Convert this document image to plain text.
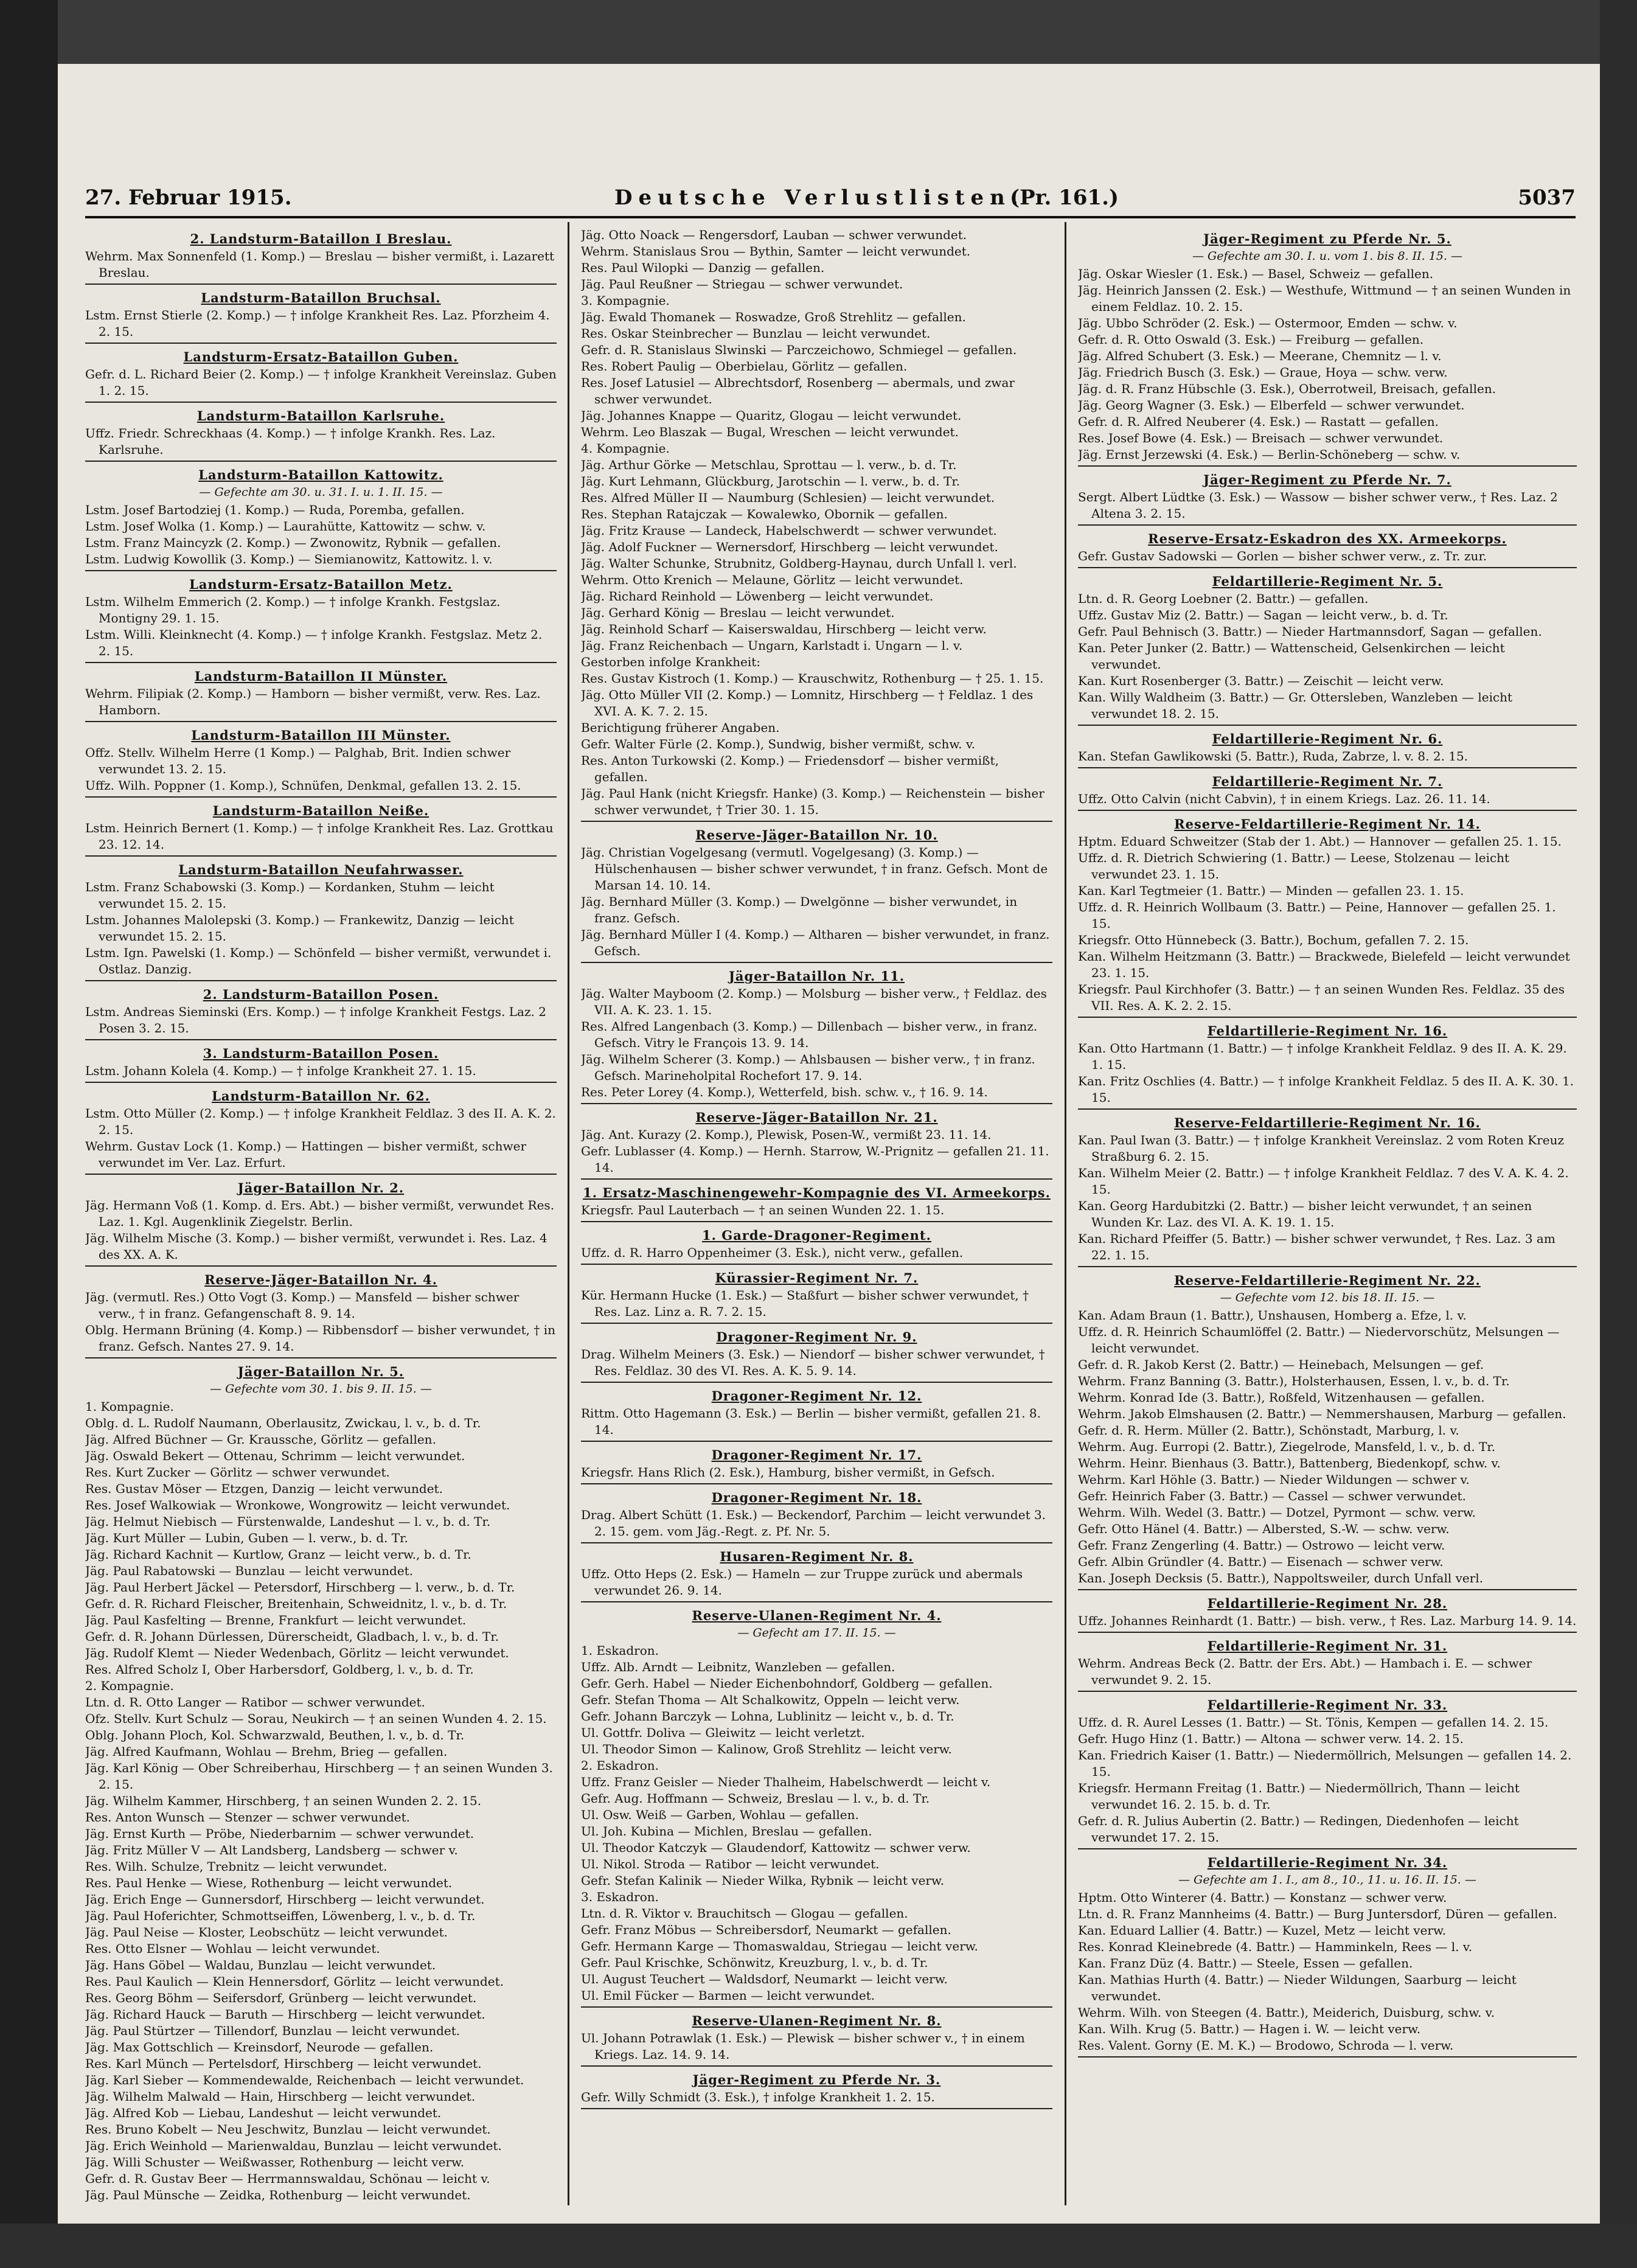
27. Februar 1915.	Deutsche Verlustlisten.
(Pr. 161.)	5037
2. Landsturm-Bataillon I Breslau.

Wehrm. Max Sonnenfeld (1. Komp.) — Breslau — bisher vermißt, i. Lazarett Breslau.

Landsturm-Bataillon Bruchsal.

Lstm. Ernst Stierle (2. Komp.) — † infolge Krankheit Res. Laz. Pforzheim 4. 2. 15.

Landsturm-Ersatz-Bataillon Guben.

Gefr. d. L. Richard Beier (2. Komp.) — † infolge Krankheit Vereinslaz. Guben 1. 2. 15.

Landsturm-Bataillon Karlsruhe.

Uffz. Friedr. Schreckhaas (4. Komp.) — † infolge Krankh. Res. Laz. Karlsruhe.

Landsturm-Bataillon Kattowitz.
— Gefechte am 30. u. 31. I. u. 1. II. 15. —

Lstm. Josef Bartodziej (1. Komp.) — Ruda, Poremba, gefallen.

Lstm. Josef Wolka (1. Komp.) — Laurahütte, Kattowitz — schw. v.

Lstm. Franz Maincyzk (2. Komp.) — Zwonowitz, Rybnik — gefallen.

Lstm. Ludwig Kowollik (3. Komp.) — Siemianowitz, Kattowitz. l. v.

Landsturm-Ersatz-Bataillon Metz.

Lstm. Wilhelm Emmerich (2. Komp.) — † infolge Krankh. Festgslaz. Montigny 29. 1. 15.

Lstm. Willi. Kleinknecht (4. Komp.) — † infolge Krankh. Festgslaz. Metz 2. 2. 15.

Landsturm-Bataillon II Münster.

Wehrm. Filipiak (2. Komp.) — Hamborn — bisher vermißt, verw. Res. Laz. Hamborn.

Landsturm-Bataillon III Münster.

Offz. Stellv. Wilhelm Herre (1 Komp.) — Palghab, Brit. Indien schwer verwundet 13. 2. 15.

Uffz. Wilh. Poppner (1. Komp.), Schnüfen, Denkmal, gefallen 13. 2. 15.

Landsturm-Bataillon Neiße.

Lstm. Heinrich Bernert (1. Komp.) — † infolge Krankheit Res. Laz. Grottkau 23. 12. 14.

Landsturm-Bataillon Neufahrwasser.

Lstm. Franz Schabowski (3. Komp.) — Kordanken, Stuhm — leicht verwundet 15. 2. 15.

Lstm. Johannes Malolepski (3. Komp.) — Frankewitz, Danzig — leicht verwundet 15. 2. 15.

Lstm. Ign. Pawelski (1. Komp.) — Schönfeld — bisher vermißt, verwundet i. Ostlaz. Danzig.

2. Landsturm-Bataillon Posen.

Lstm. Andreas Sieminski (Ers. Komp.) — † infolge Krankheit Festgs. Laz. 2 Posen 3. 2. 15.

3. Landsturm-Bataillon Posen.

Lstm. Johann Kolela (4. Komp.) — † infolge Krankheit 27. 1. 15.

Landsturm-Bataillon Nr. 62.

Lstm. Otto Müller (2. Komp.) — † infolge Krankheit Feldlaz. 3 des II. A. K. 2. 2. 15.

Wehrm. Gustav Lock (1. Komp.) — Hattingen — bisher vermißt, schwer verwundet im Ver. Laz. Erfurt.

Jäger-Bataillon Nr. 2.

Jäg. Hermann Voß (1. Komp. d. Ers. Abt.) — bisher vermißt, verwundet Res. Laz. 1. Kgl. Augenklinik Ziegelstr. Berlin.

Jäg. Wilhelm Mische (3. Komp.) — bisher vermißt, verwundet i. Res. Laz. 4 des XX. A. K.

Reserve-Jäger-Bataillon Nr. 4.

Jäg. (vermutl. Res.) Otto Vogt (3. Komp.) — Mansfeld — bisher schwer verw., † in franz. Gefangenschaft 8. 9. 14.

Oblg. Hermann Brüning (4. Komp.) — Ribbensdorf — bisher verwundet, † in franz. Gefsch. Nantes 27. 9. 14.

Jäger-Bataillon Nr. 5.
— Gefechte vom 30. 1. bis 9. II. 15. —

1. Kompagnie.

Oblg. d. L. Rudolf Naumann, Oberlausitz, Zwickau, l. v., b. d. Tr.

Jäg. Alfred Büchner — Gr. Kraussche, Görlitz — gefallen.

Jäg. Oswald Bekert — Ottenau, Schrimm — leicht verwundet.

Res. Kurt Zucker — Görlitz — schwer verwundet.

Res. Gustav Möser — Etzgen, Danzig — leicht verwundet.

Res. Josef Walkowiak — Wronkowe, Wongrowitz — leicht verwundet.

Jäg. Helmut Niebisch — Fürstenwalde, Landeshut — l. v., b. d. Tr.

Jäg. Kurt Müller — Lubin, Guben — l. verw., b. d. Tr.

Jäg. Richard Kachnit — Kurtlow, Granz — leicht verw., b. d. Tr.

Jäg. Paul Rabatowski — Bunzlau — leicht verwundet.

Jäg. Paul Herbert Jäckel — Petersdorf, Hirschberg — l. verw., b. d. Tr.

Gefr. d. R. Richard Fleischer, Breitenhain, Schweidnitz, l. v., b. d. Tr.

Jäg. Paul Kasfelting — Brenne, Frankfurt — leicht verwundet.

Gefr. d. R. Johann Dürlessen, Dürerscheidt, Gladbach, l. v., b. d. Tr.

Jäg. Rudolf Klemt — Nieder Wedenbach, Görlitz — leicht verwundet.

Res. Alfred Scholz I, Ober Harbersdorf, Goldberg, l. v., b. d. Tr.

2. Kompagnie.

Ltn. d. R. Otto Langer — Ratibor — schwer verwundet.

Ofz. Stellv. Kurt Schulz — Sorau, Neukirch — † an seinen Wunden 4. 2. 15.

Oblg. Johann Ploch, Kol. Schwarzwald, Beuthen, l. v., b. d. Tr.

Jäg. Alfred Kaufmann, Wohlau — Brehm, Brieg — gefallen.

Jäg. Karl König — Ober Schreiberhau, Hirschberg — † an seinen Wunden 3. 2. 15.

Jäg. Wilhelm Kammer, Hirschberg, † an seinen Wunden 2. 2. 15.

Res. Anton Wunsch — Stenzer — schwer verwundet.

Jäg. Ernst Kurth — Pröbe, Niederbarnim — schwer verwundet.

Jäg. Fritz Müller V — Alt Landsberg, Landsberg — schwer v.

Res. Wilh. Schulze, Trebnitz — leicht verwundet.

Res. Paul Henke — Wiese, Rothenburg — leicht verwundet.

Jäg. Erich Enge — Gunnersdorf, Hirschberg — leicht verwundet.

Jäg. Paul Hoferichter, Schmottseiffen, Löwenberg, l. v., b. d. Tr.

Jäg. Paul Neise — Kloster, Leobschütz — leicht verwundet.

Res. Otto Elsner — Wohlau — leicht verwundet.

Jäg. Hans Göbel — Waldau, Bunzlau — leicht verwundet.

Res. Paul Kaulich — Klein Hennersdorf, Görlitz — leicht verwundet.

Res. Georg Böhm — Seifersdorf, Grünberg — leicht verwundet.

Jäg. Richard Hauck — Baruth — Hirschberg — leicht verwundet.

Jäg. Paul Stürtzer — Tillendorf, Bunzlau — leicht verwundet.

Jäg. Max Gottschlich — Kreinsdorf, Neurode — gefallen.

Res. Karl Münch — Pertelsdorf, Hirschberg — leicht verwundet.

Jäg. Karl Sieber — Kommendewalde, Reichenbach — leicht verwundet.

Jäg. Wilhelm Malwald — Hain, Hirschberg — leicht verwundet.

Jäg. Alfred Kob — Liebau, Landeshut — leicht verwundet.

Res. Bruno Kobelt — Neu Jeschwitz, Bunzlau — leicht verwundet.

Jäg. Erich Weinhold — Marienwaldau, Bunzlau — leicht verwundet.

Jäg. Willi Schuster — Weißwasser, Rothenburg — leicht verw.

Gefr. d. R. Gustav Beer — Herrmannswaldau, Schönau — leicht v.

Jäg. Paul Münsche — Zeidka, Rothenburg — leicht verwundet.

Jäg. Otto Noack — Rengersdorf, Lauban — schwer verwundet.

Wehrm. Stanislaus Srou — Bythin, Samter — leicht verwundet.

Res. Paul Wilopki — Danzig — gefallen.

Jäg. Paul Reußner — Striegau — schwer verwundet.

3. Kompagnie.

Jäg. Ewald Thomanek — Roswadze, Groß Strehlitz — gefallen.

Res. Oskar Steinbrecher — Bunzlau — leicht verwundet.

Gefr. d. R. Stanislaus Slwinski — Parczeichowo, Schmiegel — gefallen.

Res. Robert Paulig — Oberbielau, Görlitz — gefallen.

Res. Josef Latusiel — Albrechtsdorf, Rosenberg — abermals, und zwar schwer verwundet.

Jäg. Johannes Knappe — Quaritz, Glogau — leicht verwundet.

Wehrm. Leo Blaszak — Bugal, Wreschen — leicht verwundet.

4. Kompagnie.

Jäg. Arthur Görke — Metschlau, Sprottau — l. verw., b. d. Tr.

Jäg. Kurt Lehmann, Glückburg, Jarotschin — l. verw., b. d. Tr.

Res. Alfred Müller II — Naumburg (Schlesien) — leicht verwundet.

Res. Stephan Ratajczak — Kowalewko, Obornik — gefallen.

Jäg. Fritz Krause — Landeck, Habelschwerdt — schwer verwundet.

Jäg. Adolf Fuckner — Wernersdorf, Hirschberg — leicht verwundet.

Jäg. Walter Schunke, Strubnitz, Goldberg-Haynau, durch Unfall l. verl.

Wehrm. Otto Krenich — Melaune, Görlitz — leicht verwundet.

Jäg. Richard Reinhold — Löwenberg — leicht verwundet.

Jäg. Gerhard König — Breslau — leicht verwundet.

Jäg. Reinhold Scharf — Kaiserswaldau, Hirschberg — leicht verw.

Jäg. Franz Reichenbach — Ungarn, Karlstadt i. Ungarn — l. v.

Gestorben infolge Krankheit:

Res. Gustav Kistroch (1. Komp.) — Krauschwitz, Rothenburg — † 25. 1. 15.

Jäg. Otto Müller VII (2. Komp.) — Lomnitz, Hirschberg — † Feldlaz. 1 des XVI. A. K. 7. 2. 15.

Berichtigung früherer Angaben.

Gefr. Walter Fürle (2. Komp.), Sundwig, bisher vermißt, schw. v.

Res. Anton Turkowski (2. Komp.) — Friedensdorf — bisher vermißt, gefallen.

Jäg. Paul Hank (nicht Kriegsfr. Hanke) (3. Komp.) — Reichenstein — bisher schwer verwundet, † Trier 30. 1. 15.

Reserve-Jäger-Bataillon Nr. 10.

Jäg. Christian Vogelgesang (vermutl. Vogelgesang) (3. Komp.) — Hülschenhausen — bisher schwer verwundet, † in franz. Gefsch. Mont de Marsan 14. 10. 14.

Jäg. Bernhard Müller (3. Komp.) — Dwelgönne — bisher verwundet, in franz. Gefsch.

Jäg. Bernhard Müller I (4. Komp.) — Altharen — bisher verwundet, in franz. Gefsch.

Jäger-Bataillon Nr. 11.

Jäg. Walter Mayboom (2. Komp.) — Molsburg — bisher verw., † Feldlaz. des VII. A. K. 23. 1. 15.

Res. Alfred Langenbach (3. Komp.) — Dillenbach — bisher verw., in franz. Gefsch. Vitry le François 13. 9. 14.

Jäg. Wilhelm Scherer (3. Komp.) — Ahlsbausen — bisher verw., † in franz. Gefsch. Marineholpital Rochefort 17. 9. 14.

Res. Peter Lorey (4. Komp.), Wetterfeld, bish. schw. v., † 16. 9. 14.

Reserve-Jäger-Bataillon Nr. 21.

Jäg. Ant. Kurazy (2. Komp.), Plewisk, Posen-W., vermißt 23. 11. 14.

Gefr. Lublasser (4. Komp.) — Hernh. Starrow, W.-Prignitz — gefallen 21. 11. 14.

1. Ersatz-Maschinengewehr-Kompagnie des VI. Armeekorps.

Kriegsfr. Paul Lauterbach — † an seinen Wunden 22. 1. 15.

1. Garde-Dragoner-Regiment.

Uffz. d. R. Harro Oppenheimer (3. Esk.), nicht verw., gefallen.

Kürassier-Regiment Nr. 7.

Kür. Hermann Hucke (1. Esk.) — Staßfurt — bisher schwer verwundet, † Res. Laz. Linz a. R. 7. 2. 15.

Dragoner-Regiment Nr. 9.

Drag. Wilhelm Meiners (3. Esk.) — Niendorf — bisher schwer verwundet, † Res. Feldlaz. 30 des VI. Res. A. K. 5. 9. 14.

Dragoner-Regiment Nr. 12.

Rittm. Otto Hagemann (3. Esk.) — Berlin — bisher vermißt, gefallen 21. 8. 14.

Dragoner-Regiment Nr. 17.

Kriegsfr. Hans Rlich (2. Esk.), Hamburg, bisher vermißt, in Gefsch.

Dragoner-Regiment Nr. 18.

Drag. Albert Schütt (1. Esk.) — Beckendorf, Parchim — leicht verwundet 3. 2. 15. gem. vom Jäg.-Regt. z. Pf. Nr. 5.

Husaren-Regiment Nr. 8.

Uffz. Otto Heps (2. Esk.) — Hameln — zur Truppe zurück und abermals verwundet 26. 9. 14.

Reserve-Ulanen-Regiment Nr. 4.
— Gefecht am 17. II. 15. —

1. Eskadron.

Uffz. Alb. Arndt — Leibnitz, Wanzleben — gefallen.

Gefr. Gerh. Habel — Nieder Eichenbohndorf, Goldberg — gefallen.

Gefr. Stefan Thoma — Alt Schalkowitz, Oppeln — leicht verw.

Gefr. Johann Barczyk — Lohna, Lublinitz — leicht v., b. d. Tr.

Ul. Gottfr. Doliva — Gleiwitz — leicht verletzt.

Ul. Theodor Simon — Kalinow, Groß Strehlitz — leicht verw.

2. Eskadron.

Uffz. Franz Geisler — Nieder Thalheim, Habelschwerdt — leicht v.

Gefr. Aug. Hoffmann — Schweiz, Breslau — l. v., b. d. Tr.

Ul. Osw. Weiß — Garben, Wohlau — gefallen.

Ul. Joh. Kubina — Michlen, Breslau — gefallen.

Ul. Theodor Katczyk — Glaudendorf, Kattowitz — schwer verw.

Ul. Nikol. Stroda — Ratibor — leicht verwundet.

Gefr. Stefan Kalinik — Nieder Wilka, Rybnik — leicht verw.

3. Eskadron.

Ltn. d. R. Viktor v. Brauchitsch — Glogau — gefallen.

Gefr. Franz Möbus — Schreibersdorf, Neumarkt — gefallen.

Gefr. Hermann Karge — Thomaswaldau, Striegau — leicht verw.

Gefr. Paul Krischke, Schönwitz, Kreuzburg, l. v., b. d. Tr.

Ul. August Teuchert — Waldsdorf, Neumarkt — leicht verw.

Ul. Emil Fücker — Barmen — leicht verwundet.

Reserve-Ulanen-Regiment Nr. 8.

Ul. Johann Potrawlak (1. Esk.) — Plewisk — bisher schwer v., † in einem Kriegs. Laz. 14. 9. 14.

Jäger-Regiment zu Pferde Nr. 3.

Gefr. Willy Schmidt (3. Esk.), † infolge Krankheit 1. 2. 15.

Jäger-Regiment zu Pferde Nr. 5.
— Gefechte am 30. I. u. vom 1. bis 8. II. 15. —

Jäg. Oskar Wiesler (1. Esk.) — Basel, Schweiz — gefallen.

Jäg. Heinrich Janssen (2. Esk.) — Westhufe, Wittmund — † an seinen Wunden in einem Feldlaz. 10. 2. 15.

Jäg. Ubbo Schröder (2. Esk.) — Ostermoor, Emden — schw. v.

Gefr. d. R. Otto Oswald (3. Esk.) — Freiburg — gefallen.

Jäg. Alfred Schubert (3. Esk.) — Meerane, Chemnitz — l. v.

Jäg. Friedrich Busch (3. Esk.) — Graue, Hoya — schw. verw.

Jäg. d. R. Franz Hübschle (3. Esk.), Oberrotweil, Breisach, gefallen.

Jäg. Georg Wagner (3. Esk.) — Elberfeld — schwer verwundet.

Gefr. d. R. Alfred Neuberer (4. Esk.) — Rastatt — gefallen.

Res. Josef Bowe (4. Esk.) — Breisach — schwer verwundet.

Jäg. Ernst Jerzewski (4. Esk.) — Berlin-Schöneberg — schw. v.

Jäger-Regiment zu Pferde Nr. 7.

Sergt. Albert Lüdtke (3. Esk.) — Wassow — bisher schwer verw., † Res. Laz. 2 Altena 3. 2. 15.

Reserve-Ersatz-Eskadron des XX. Armeekorps.

Gefr. Gustav Sadowski — Gorlen — bisher schwer verw., z. Tr. zur.

Feldartillerie-Regiment Nr. 5.

Ltn. d. R. Georg Loebner (2. Battr.) — gefallen.

Uffz. Gustav Miz (2. Battr.) — Sagan — leicht verw., b. d. Tr.

Gefr. Paul Behnisch (3. Battr.) — Nieder Hartmannsdorf, Sagan — gefallen.

Kan. Peter Junker (2. Battr.) — Wattenscheid, Gelsenkirchen — leicht verwundet.

Kan. Kurt Rosenberger (3. Battr.) — Zeischit — leicht verw.

Kan. Willy Waldheim (3. Battr.) — Gr. Ottersleben, Wanzleben — leicht verwundet 18. 2. 15.

Feldartillerie-Regiment Nr. 6.

Kan. Stefan Gawlikowski (5. Battr.), Ruda, Zabrze, l. v. 8. 2. 15.

Feldartillerie-Regiment Nr. 7.

Uffz. Otto Calvin (nicht Cabvin), † in einem Kriegs. Laz. 26. 11. 14.

Reserve-Feldartillerie-Regiment Nr. 14.

Hptm. Eduard Schweitzer (Stab der 1. Abt.) — Hannover — gefallen 25. 1. 15.

Uffz. d. R. Dietrich Schwiering (1. Battr.) — Leese, Stolzenau — leicht verwundet 23. 1. 15.

Kan. Karl Tegtmeier (1. Battr.) — Minden — gefallen 23. 1. 15.

Uffz. d. R. Heinrich Wollbaum (3. Battr.) — Peine, Hannover — gefallen 25. 1. 15.

Kriegsfr. Otto Hünnebeck (3. Battr.), Bochum, gefallen 7. 2. 15.

Kan. Wilhelm Heitzmann (3. Battr.) — Brackwede, Bielefeld — leicht verwundet 23. 1. 15.

Kriegsfr. Paul Kirchhofer (3. Battr.) — † an seinen Wunden Res. Feldlaz. 35 des VII. Res. A. K. 2. 2. 15.

Feldartillerie-Regiment Nr. 16.

Kan. Otto Hartmann (1. Battr.) — † infolge Krankheit Feldlaz. 9 des II. A. K. 29. 1. 15.

Kan. Fritz Oschlies (4. Battr.) — † infolge Krankheit Feldlaz. 5 des II. A. K. 30. 1. 15.

Reserve-Feldartillerie-Regiment Nr. 16.

Kan. Paul Iwan (3. Battr.) — † infolge Krankheit Vereinslaz. 2 vom Roten Kreuz Straßburg 6. 2. 15.

Kan. Wilhelm Meier (2. Battr.) — † infolge Krankheit Feldlaz. 7 des V. A. K. 4. 2. 15.

Kan. Georg Hardubitzki (2. Battr.) — bisher leicht verwundet, † an seinen Wunden Kr. Laz. des VI. A. K. 19. 1. 15.

Kan. Richard Pfeiffer (5. Battr.) — bisher schwer verwundet, † Res. Laz. 3 am 22. 1. 15.

Reserve-Feldartillerie-Regiment Nr. 22.
— Gefechte vom 12. bis 18. II. 15. —

Kan. Adam Braun (1. Battr.), Unshausen, Homberg a. Efze, l. v.

Uffz. d. R. Heinrich Schaumlöffel (2. Battr.) — Niedervorschütz, Melsungen — leicht verwundet.

Gefr. d. R. Jakob Kerst (2. Battr.) — Heinebach, Melsungen — gef.

Wehrm. Franz Banning (3. Battr.), Holsterhausen, Essen, l. v., b. d. Tr.

Wehrm. Konrad Ide (3. Battr.), Roßfeld, Witzenhausen — gefallen.

Wehrm. Jakob Elmshausen (2. Battr.) — Nemmershausen, Marburg — gefallen.

Gefr. d. R. Herm. Müller (2. Battr.), Schönstadt, Marburg, l. v.

Wehrm. Aug. Eurropi (2. Battr.), Ziegelrode, Mansfeld, l. v., b. d. Tr.

Wehrm. Heinr. Bienhaus (3. Battr.), Battenberg, Biedenkopf, schw. v.

Wehrm. Karl Höhle (3. Battr.) — Nieder Wildungen — schwer v.

Gefr. Heinrich Faber (3. Battr.) — Cassel — schwer verwundet.

Wehrm. Wilh. Wedel (3. Battr.) — Dotzel, Pyrmont — schw. verw.

Gefr. Otto Hänel (4. Battr.) — Albersted, S.-W. — schw. verw.

Gefr. Franz Zengerling (4. Battr.) — Ostrowo — leicht verw.

Gefr. Albin Gründler (4. Battr.) — Eisenach — schwer verw.

Kan. Joseph Decksis (5. Battr.), Nappoltsweiler, durch Unfall verl.

Feldartillerie-Regiment Nr. 28.

Uffz. Johannes Reinhardt (1. Battr.) — bish. verw., † Res. Laz. Marburg 14. 9. 14.

Feldartillerie-Regiment Nr. 31.

Wehrm. Andreas Beck (2. Battr. der Ers. Abt.) — Hambach i. E. — schwer verwundet 9. 2. 15.

Feldartillerie-Regiment Nr. 33.

Uffz. d. R. Aurel Lesses (1. Battr.) — St. Tönis, Kempen — gefallen 14. 2. 15.

Gefr. Hugo Hinz (1. Battr.) — Altona — schwer verw. 14. 2. 15.

Kan. Friedrich Kaiser (1. Battr.) — Niedermöllrich, Melsungen — gefallen 14. 2. 15.

Kriegsfr. Hermann Freitag (1. Battr.) — Niedermöllrich, Thann — leicht verwundet 16. 2. 15. b. d. Tr.

Gefr. d. R. Julius Aubertin (2. Battr.) — Redingen, Diedenhofen — leicht verwundet 17. 2. 15.

Feldartillerie-Regiment Nr. 34.
— Gefechte am 1. I., am 8., 10., 11. u. 16. II. 15. —

Hptm. Otto Winterer (4. Battr.) — Konstanz — schwer verw.

Ltn. d. R. Franz Mannheims (4. Battr.) — Burg Juntersdorf, Düren — gefallen.

Kan. Eduard Lallier (4. Battr.) — Kuzel, Metz — leicht verw.

Res. Konrad Kleinebrede (4. Battr.) — Hamminkeln, Rees — l. v.

Kan. Franz Düz (4. Battr.) — Steele, Essen — gefallen.

Kan. Mathias Hurth (4. Battr.) — Nieder Wildungen, Saarburg — leicht verwundet.

Wehrm. Wilh. von Steegen (4. Battr.), Meiderich, Duisburg, schw. v.

Kan. Wilh. Krug (5. Battr.) — Hagen i. W. — leicht verw.

Res. Valent. Gorny (E. M. K.) — Brodowo, Schroda — l. verw.
